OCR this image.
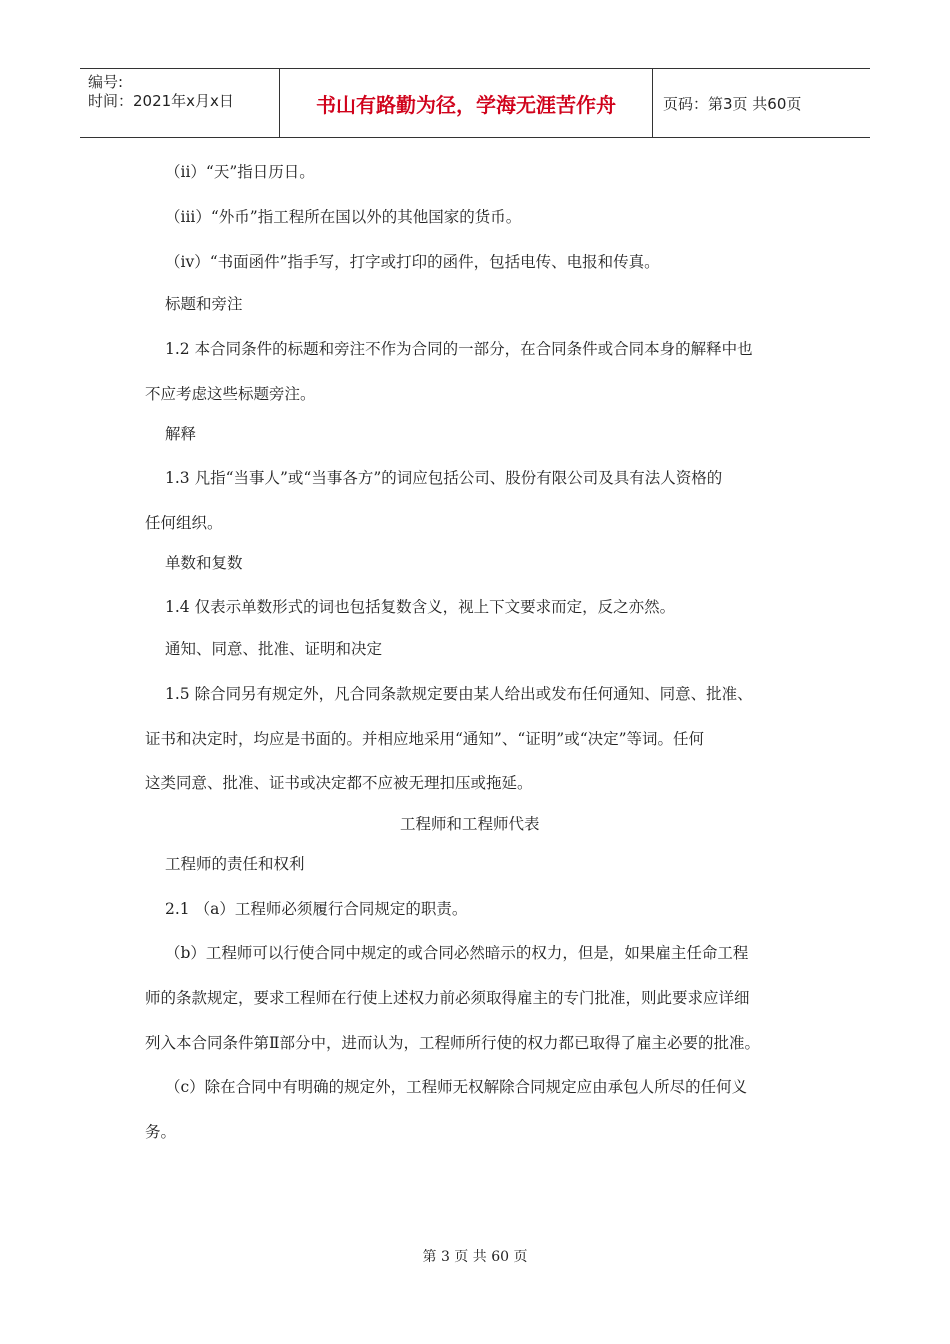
编号:
时间：2021年x月x日	书山有路勤为径，学海无涯苦作舟	页码：第3页 共60页
（ii）“天”指日历日。
（iii）“外币”指工程所在国以外的其他国家的货币。
（iv）“书面函件”指手写，打字或打印的函件，包括电传、电报和传真。
标题和旁注
1.2 本合同条件的标题和旁注不作为合同的一部分，在合同条件或合同本身的解释中也
不应考虑这些标题旁注。
解释
1.3 凡指“当事人”或“当事各方”的词应包括公司、股份有限公司及具有法人资格的
任何组织。
单数和复数
1.4 仅表示单数形式的词也包括复数含义，视上下文要求而定，反之亦然。
通知、同意、批准、证明和决定
1.5 除合同另有规定外，凡合同条款规定要由某人给出或发布任何通知、同意、批准、
证书和决定时，均应是书面的。并相应地采用“通知”、“证明”或“决定”等词。任何
这类同意、批准、证书或决定都不应被无理扣压或拖延。
工程师和工程师代表
工程师的责任和权利
2.1 （a）工程师必须履行合同规定的职责。
（b）工程师可以行使合同中规定的或合同必然暗示的权力，但是，如果雇主任命工程
师的条款规定，要求工程师在行使上述权力前必须取得雇主的专门批准，则此要求应详细
列入本合同条件第Ⅱ部分中，进而认为，工程师所行使的权力都已取得了雇主必要的批准。
（c）除在合同中有明确的规定外，工程师无权解除合同规定应由承包人所尽的任何义
务。
第 3 页 共 60 页
